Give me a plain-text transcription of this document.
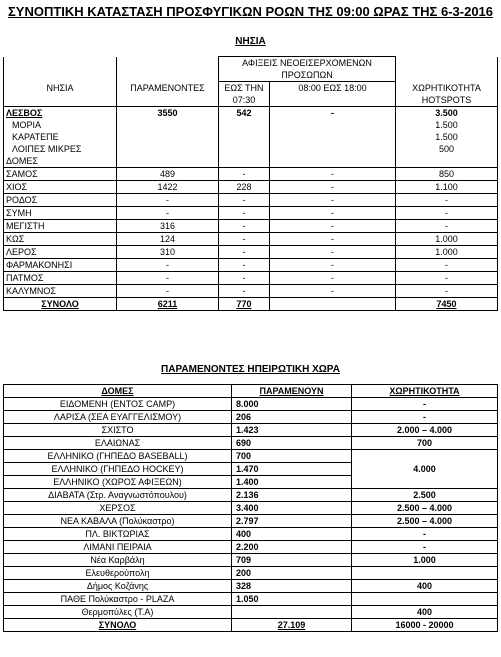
ΣΥΝΟΠΤΙΚΗ ΚΑΤΑΣΤΑΣΗ ΠΡΟΣΦΥΓΙΚΩΝ ΡΟΩΝ ΤΗΣ 09:00 ΩΡΑΣ ΤΗΣ 6-3-2016
ΝΗΣΙΑ
		ΑΦΙΞΕΙΣ ΝΕΟΕΙΣΕΡΧΟΜΕΝΩΝ		
		ΠΡΟΣΩΠΩΝ		
ΝΗΣΙΑ	ΠΑΡΑΜΕΝΟΝΤΕΣ	ΕΩΣ ΤΗΝ	08:00 ΕΩΣ 18:00	ΧΩΡΗΤΙΚΟΤΗΤΑ
		07:30		HOTSPOTS
ΛΕΣΒΟΣ	3550	542	-	3.500
ΜΟΡΙΑ				1.500
ΚΑΡΑΤΕΠΕ				1.500
ΛΟΙΠΕΣ ΜΙΚΡΕΣ				500
ΔΟΜΕΣ				
ΣΑΜΟΣ	489	-	-	850
ΧΙΟΣ	1422	228	-	1.100
ΡΟΔΟΣ	-	-	-	-
ΣΥΜΗ	-	-	-	-
ΜΕΓΙΣΤΗ	316	-	-	-
ΚΩΣ	124	-	-	1.000
ΛΕΡΟΣ	310	-	-	1.000
ΦΑΡΜΑΚΟΝΗΣΙ	-	-	-	-
ΠΑΤΜΟΣ	-	-	-	-
ΚΑΛΥΜΝΟΣ	-	-	-	-
ΣΥΝΟΛΟ	6211	770		7450
ΠΑΡΑΜΕΝΟΝΤΕΣ ΗΠΕΙΡΩΤΙΚΗ ΧΩΡΑ
ΔΟΜΕΣ	ΠΑΡΑΜΕΝΟΥΝ	ΧΩΡΗΤΙΚΟΤΗΤΑ
ΕΙΔΟΜΕΝΗ (ΕΝΤΟΣ CAMP)	8.000	-
ΛΑΡΙΣΑ (ΣΕΑ ΕΥΑΓΓΕΛΙΣΜΟΥ)	206	-
ΣΧΙΣΤΟ	1.423	2.000 – 4.000
ΕΛΑΙΩΝΑΣ	690	700
ΕΛΛΗΝΙΚΟ (ΓΗΠΕΔΟ BASEBALL)	700	4.000
ΕΛΛΗΝΙΚΟ (ΓΗΠΕΔΟ HOCKEY)	1.470	
ΕΛΛΗΝΙΚΟ (ΧΩΡΟΣ ΑΦΙΞΕΩΝ)	1.400	
ΔΙΑΒΑΤΑ (Στρ. Αναγνωστόπουλου)	2.136	2.500
ΧΕΡΣΟΣ	3.400	2.500 – 4.000
ΝΕΑ ΚΑΒΑΛΑ (Πολύκαστρο)	2.797	2.500 – 4.000
ΠΛ. ΒΙΚΤΩΡΙΑΣ	400	-
ΛΙΜΑΝΙ ΠΕΙΡΑΙΑ	2.200	-
Νέα Καρβάλη	709	1.000
Ελευθερούπολη	200	
Δήμος Κοζάνης	328	400
ΠΑΘΕ Πολύκαστρο - PLAZA	1.050	
Θερμοπύλες (Τ.Α)		400
ΣΥΝΟΛΟ	27.109	16000 - 20000
